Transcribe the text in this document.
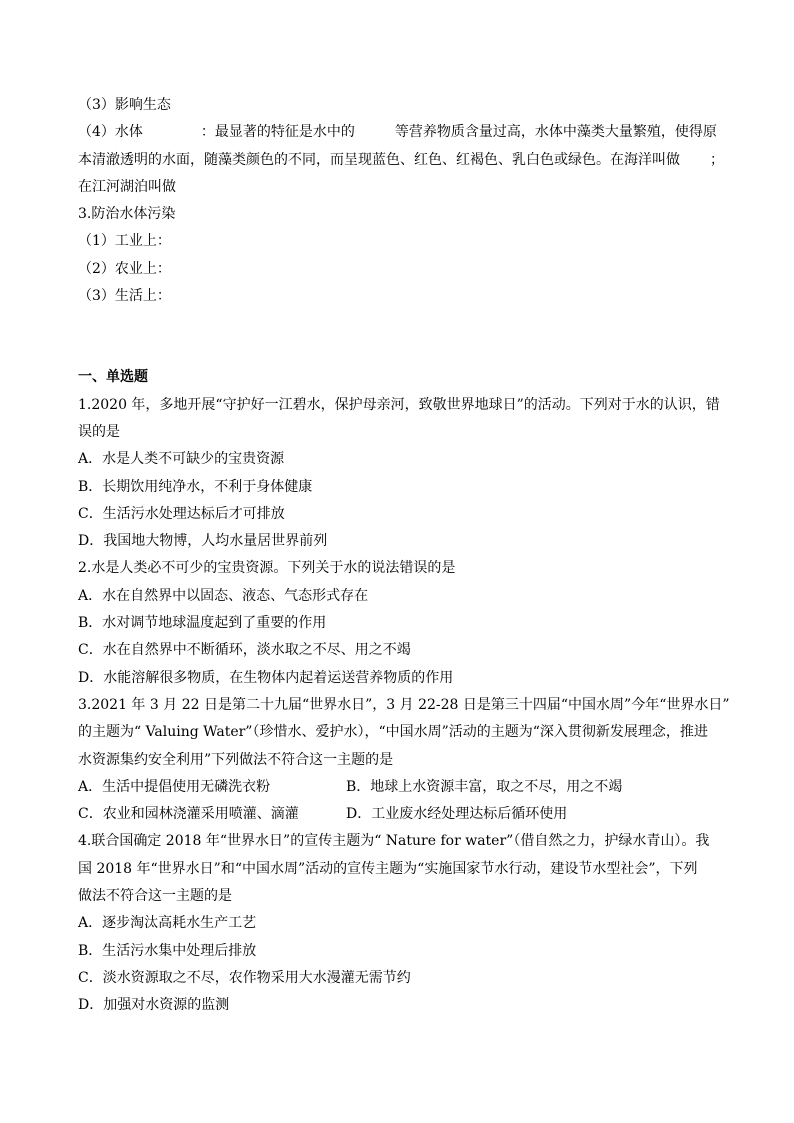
（3）影响生态
（4）水体	：最显著的特征是水中的	等营养物质含量过高，水体中藻类大量繁殖，使得原
本清澈透明的水面，随藻类颜色的不同，而呈现蓝色、红色、红褐色、乳白色或绿色。在海洋叫做 ；
在江河湖泊叫做
3.防治水体污染
（1）工业上：
（2）农业上：
（3）生活上：
一、单选题
1.2020 年，多地开展“守护好一江碧水，保护母亲河，致敬世界地球日”的活动。下列对于水的认识，错
误的是
A．水是人类不可缺少的宝贵资源
B．长期饮用纯净水，不利于身体健康
C．生活污水处理达标后才可排放
D．我国地大物博，人均水量居世界前列
2.水是人类必不可少的宝贵资源。下列关于水的说法错误的是
A．水在自然界中以固态、液态、气态形式存在
B．水对调节地球温度起到了重要的作用
C．水在自然界中不断循环，淡水取之不尽、用之不竭
D．水能溶解很多物质，在生物体内起着运送营养物质的作用
3.2021 年 3 月 22 日是第二十九届“世界水日”，3 月 22-28 日是第三十四届“中国水周”今年“世界水日”
的主题为“ Valuing Water”（珍惜水、爱护水），“中国水周”活动的主题为“深入贯彻新发展理念，推进
水资源集约安全利用”下列做法不符合这一主题的是
A．生活中提倡使用无磷洗衣粉	B．地球上水资源丰富，取之不尽，用之不竭
C．农业和园林浇灌采用喷灌、滴灌	D．工业废水经处理达标后循环使用
4.联合国确定 2018 年“世界水日”的宣传主题为“ Nature for water”（借自然之力，护绿水青山）。我
国 2018 年“世界水日”和“中国水周”活动的宣传主题为“实施国家节水行动，建设节水型社会”，下列
做法不符合这一主题的是
A．逐步淘汰高耗水生产工艺
B．生活污水集中处理后排放
C．淡水资源取之不尽，农作物采用大水漫灌无需节约
D．加强对水资源的监测
